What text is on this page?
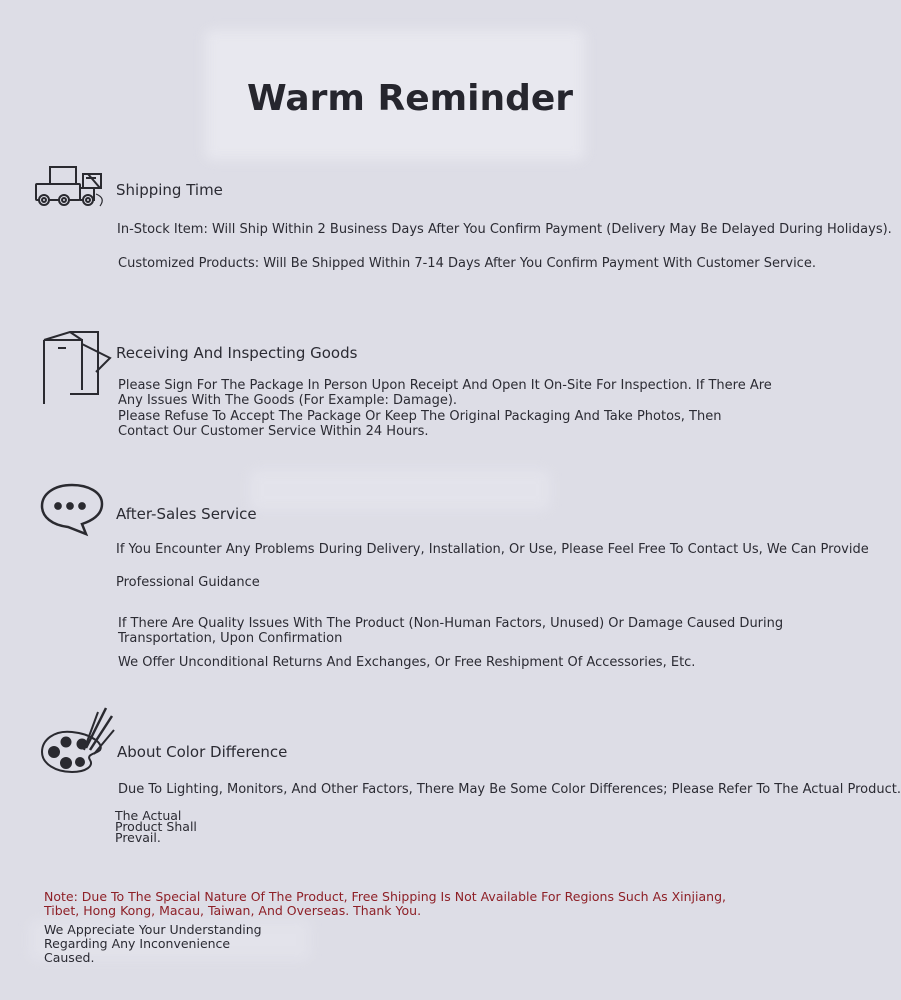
Warm Reminder
Shipping Time
In-Stock Item: Will Ship Within 2 Business Days After You Confirm Payment (Delivery May Be Delayed During Holidays).
Customized Products: Will Be Shipped Within 7-14 Days After You Confirm Payment With Customer Service.
Receiving And Inspecting Goods
Please Sign For The Package In Person Upon Receipt And Open It On-Site For Inspection. If There Are Any Issues With The Goods (For Example: Damage).
Please Refuse To Accept The Package Or Keep The Original Packaging And Take Photos, Then Contact Our Customer Service Within 24 Hours.
After-Sales Service
If You Encounter Any Problems During Delivery, Installation, Or Use, Please Feel Free To Contact Us, We Can Provide
Professional Guidance
If There Are Quality Issues With The Product (Non-Human Factors, Unused) Or Damage Caused During Transportation, Upon Confirmation
We Offer Unconditional Returns And Exchanges, Or Free Reshipment Of Accessories, Etc.
About Color Difference
Due To Lighting, Monitors, And Other Factors, There May Be Some Color Differences; Please Refer To The Actual Product.
The Actual Product Shall Prevail.
Note: Due To The Special Nature Of The Product, Free Shipping Is Not Available For Regions Such As Xinjiang, Tibet, Hong Kong, Macau, Taiwan, And Overseas. Thank You.
We Appreciate Your Understanding Regarding Any Inconvenience Caused.
